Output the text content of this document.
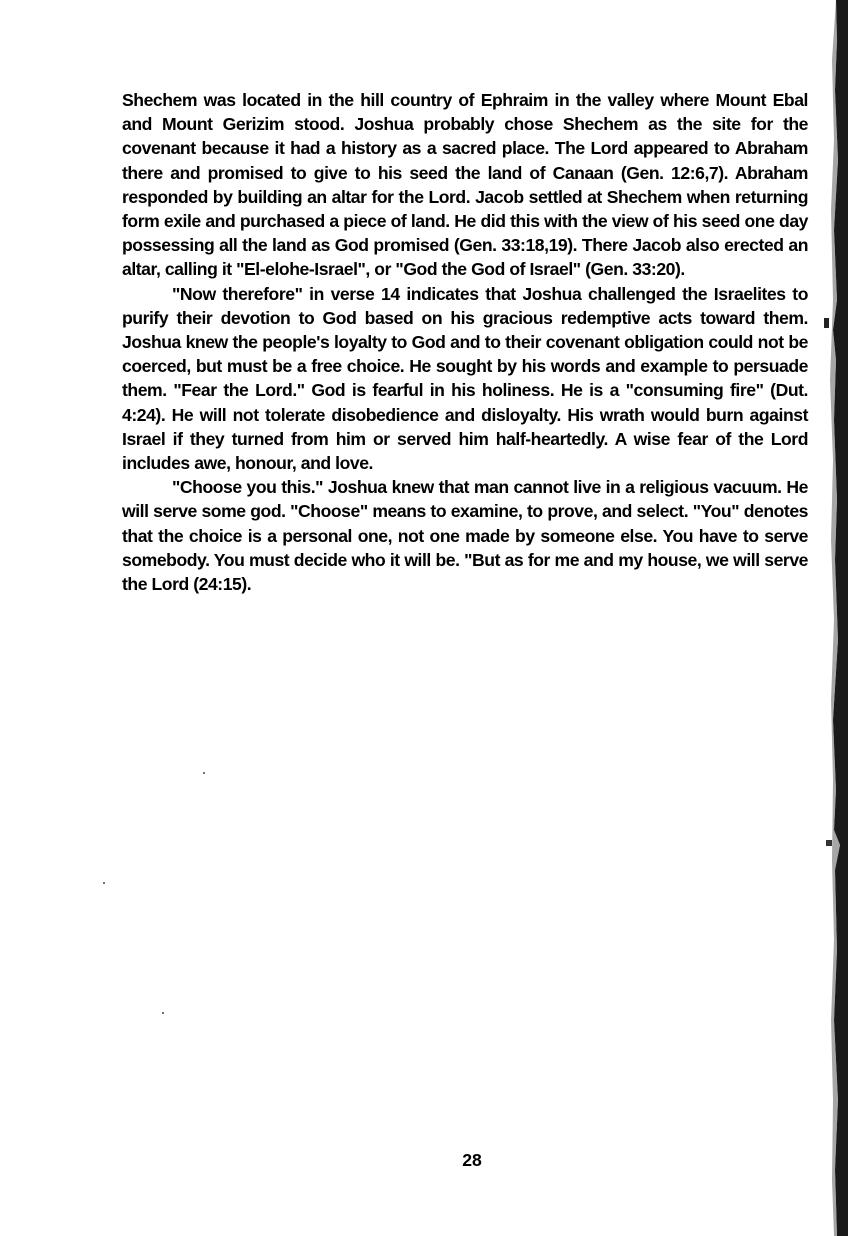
Shechem was located in the hill country of Ephraim in the valley where Mount Ebal and Mount Gerizim stood. Joshua probably chose Shechem as the site for the covenant because it had a history as a sacred place. The Lord appeared to Abraham there and promised to give to his seed the land of Canaan (Gen. 12:6,7). Abraham responded by building an altar for the Lord. Jacob settled at Shechem when returning form exile and purchased a piece of land. He did this with the view of his seed one day possessing all the land as God promised (Gen. 33:18,19). There Jacob also erected an altar, calling it "El-elohe-Israel", or "God the God of Israel" (Gen. 33:20).

"Now therefore" in verse 14 indicates that Joshua challenged the Israelites to purify their devotion to God based on his gracious redemptive acts toward them. Joshua knew the people's loyalty to God and to their covenant obligation could not be coerced, but must be a free choice. He sought by his words and example to persuade them. "Fear the Lord." God is fearful in his holiness. He is a "consuming fire" (Dut. 4:24). He will not tolerate disobedience and disloyalty. His wrath would burn against Israel if they turned from him or served him half-heartedly. A wise fear of the Lord includes awe, honour, and love.

"Choose you this." Joshua knew that man cannot live in a religious vacuum. He will serve some god. "Choose" means to examine, to prove, and select. "You" denotes that the choice is a personal one, not one made by someone else. You have to serve somebody. You must decide who it will be. "But as for me and my house, we will serve the Lord (24:15).

28
